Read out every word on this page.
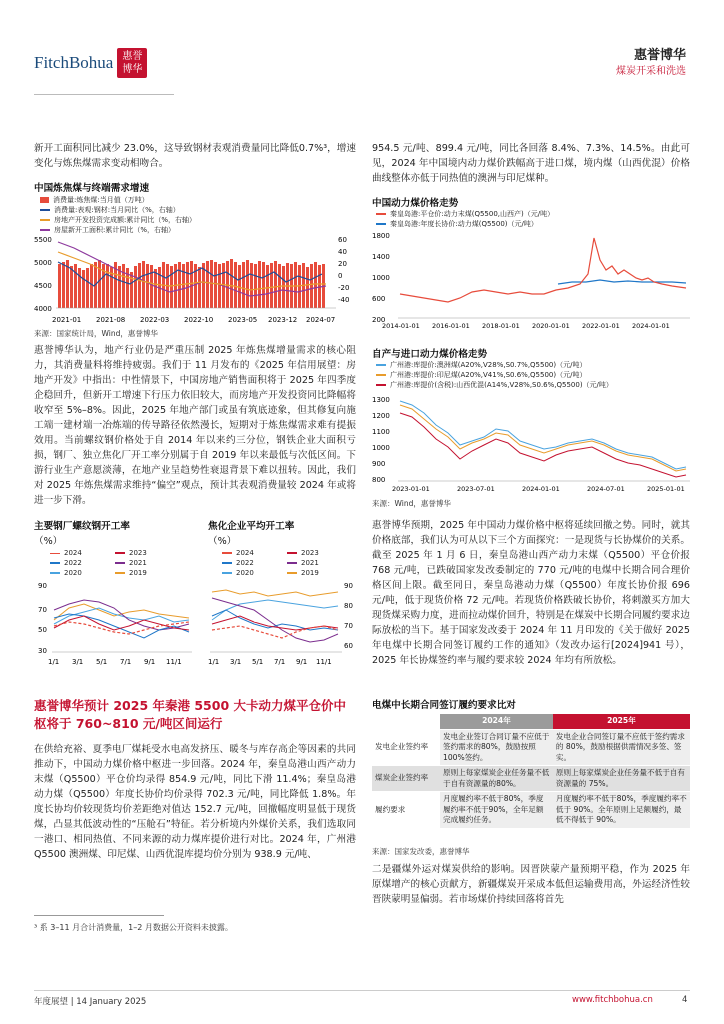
FitchBohua 惠誉博华
惠誉博华
煤炭开采和洗选
新开工面积同比减少 23.0%，这导致钢材表观消费量同比降低0.7%³，增速变化与炼焦煤需求变动相吻合。
中国炼焦煤与终端需求增速
消费量:炼焦煤:当月值（万吨）
消费量:表观:钢材:当月同比（%，右轴）
房地产开发投资完成额:累计同比（%，右轴）
房屋新开工面积:累计同比（%，右轴）
5500
5000
4500
4000
60
40
20
0
-20
-40
2021-01 2021-08 2022-03 2022-10 2023-05 2023-12 2024-07
来源：国家统计局，Wind，惠誉博华
惠誉博华认为，地产行业仍是严重压制 2025 年炼焦煤增量需求的核心阻力，其消费量料将维持疲弱。我们于 11 月发布的《2025 年信用展望：房地产开发》中指出：中性情景下，中国房地产销售面积将于 2025 年四季度企稳回升，但新开工增速下行压力依旧较大，而房地产开发投资同比降幅将收窄至 5%–8%。因此，2025 年地产部门或虽有筑底迹象，但其修复向施工端一建材端一冶炼端的传导路径依然漫长，短期对于炼焦煤需求难有提振效用。当前螺纹钢价格处于自 2014 年以来约三分位，钢铁企业大面积亏损，钢厂、独立焦化厂开工率分别属于自 2019 年以来最低与次低区间。下游行业生产意愿淡薄，在地产业呈趋势性衰退背景下难以扭转。因此，我们对 2025 年炼焦煤需求维持“偏空”观点，预计其表观消费量较 2024 年或将进一步下滑。
主要钢厂螺纹钢开工率
（%）
2024	2023
2022	2021
2020	2019
90
70
50
30
1/1 3/1 5/1 7/1 9/1 11/1
焦化企业平均开工率
（%）
2024	2023
2022	2021
2020	2019
90
80
70
60
1/1 3/1 5/1 7/1 9/1 11/1
惠誉博华预计 2025 年秦港 5500 大卡动力煤平仓价中枢将于 760~810 元/吨区间运行
在供给充裕、夏季电厂煤耗受水电高发挤压、暖冬与库存高企等因素的共同推动下，中国动力煤价格中枢进一步回落。2024 年，秦皇岛港山西产动力末煤（Q5500）平仓价均录得 854.9 元/吨，同比下滑 11.4%；秦皇岛港动力煤（Q5500）年度长协价均价录得 702.3 元/吨，同比降低 1.8%。年度长协均价较现货均价差距绝对值达 152.7 元/吨，回撤幅度明显低于现货煤，凸显其低波动性的“压舱石”特征。若分析境内外煤价关系，我们选取同一港口、相同热值、不同来源的动力煤库提价进行对比。2024 年，广州港 Q5500 澳洲煤、印尼煤、山西优混库提均价分别为 938.9 元/吨、
³ 系 3–11 月合计消费量，1–2 月数据公开资料未披露。
954.5 元/吨、899.4 元/吨，同比各回落 8.4%、7.3%、14.5%。由此可见，2024 年中国境内动力煤价跌幅高于进口煤，境内煤（山西优混）价格曲线整体亦低于同热值的澳洲与印尼煤种。
中国动力煤价格走势
秦皇岛港:平仓价:动力末煤(Q5500,山西产)（元/吨）
秦皇岛港:年度长协价:动力煤(Q5500)（元/吨）
1800
1400
1000
600
200
2014-01-01 2016-01-01 2018-01-01 2020-01-01 2022-01-01 2024-01-01
自产与进口动力煤价格走势
广州港:库提价:澳洲煤(A20%,V28%,S0.7%,Q5500)（元/吨）
广州港:库提价:印尼煤(A20%,V41%,S0.6%,Q5500)（元/吨）
广州港:库提价(含税):山西优混(A14%,V28%,S0.6%,Q5500)（元/吨）
1300
1200
1100
1000
900
800
2023-01-01	2023-07-01	2024-01-01	2024-07-01	2025-01-01
来源：Wind，惠誉博华
惠誉博华预期，2025 年中国动力煤价格中枢将延续回撤之势。同时，就其价格底部，我们认为可从以下三个方面探究：一是现货与长协煤价的关系。截至 2025 年 1 月 6 日，秦皇岛港山西产动力末煤（Q5500）平仓价报 768 元/吨，已跌破国家发改委制定的 770 元/吨的电煤中长期合同合理价格区间上限。截至同日，秦皇岛港动力煤（Q5500）年度长协价报 696 元/吨，低于现货价格 72 元/吨。若现货价格跌破长协价，将刺激买方加大现货煤采购力度，进而拉动煤价回升，特别是在煤炭中长期合同履约要求边际放松的当下。基于国家发改委于 2024 年 11 月印发的《关于做好 2025 年电煤中长期合同签订履约工作的通知》（发改办运行[2024]941 号），2025 年长协煤签约率与履约要求较 2024 年均有所放松。
电煤中长期合同签订履约要求比对
	2024年	2025年
发电企业签约率	发电企业签订合同订量不应低于签约需求的80%，鼓励按照100%签约。	发电企业合同签订量不应低于签约需求的 80%，鼓励根据供需情况多签、签实。
煤炭企业签约率	原则上每家煤炭企业任务量不低于自有资源量的80%。	原则上每家煤炭企业任务量不低于自有资源量的 75%。
履约要求	月度履约率不低于80%，季度履约率不低于90%，全年足额完成履约任务。	月度履约率不低于80%，季度履约率不低于 90%。全年原则上足额履约，最低不得低于 90%。
来源：国家发改委，惠誉博华
二是疆煤外运对煤炭供给的影响。因晋陕蒙产量预期平稳，作为 2025 年原煤增产的核心贡献方，新疆煤炭开采成本低但运输费用高，外运经济性较晋陕蒙明显偏弱。若市场煤价持续回落将首先
年度展望 | 14 January 2025	www.fitchbohua.cn	4
